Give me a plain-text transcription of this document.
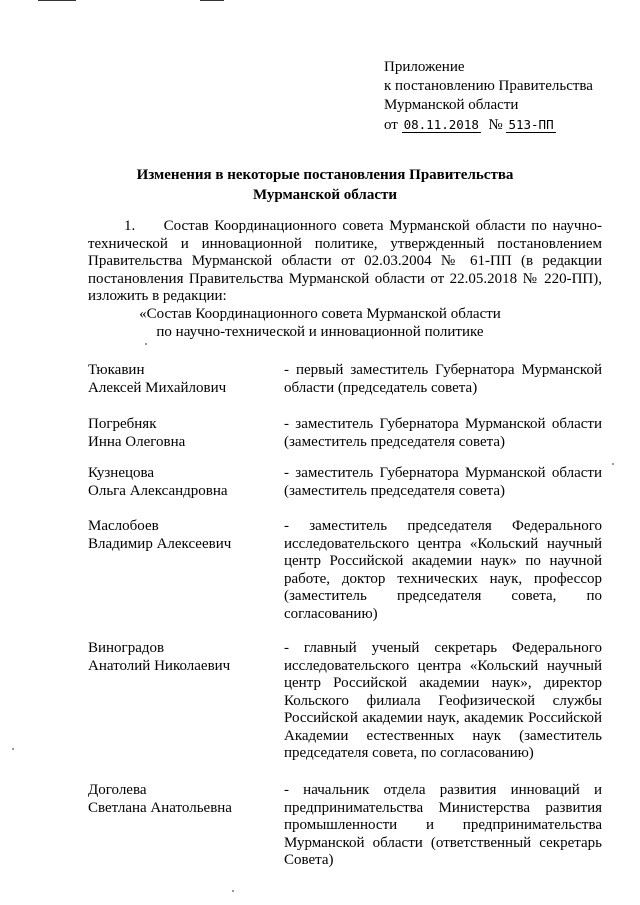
Приложение
к постановлению Правительства
Мурманской области
от 08.11.2018 № 513-ПП
Изменения в некоторые постановления Правительства
Мурманской области

1.     Состав Координационного совета Мурманской области по научно-технической и инновационной политике, утвержденный постановлением Правительства Мурманской области от 02.03.2004 № 61-ПП (в редакции постановления Правительства Мурманской области от 22.05.2018 № 220-ПП), изложить в редакции:

«Состав Координационного совета Мурманской области
по научно-технической и инновационной политике
Тюкавин
Алексей Михайлович
- первый заместитель Губернатора Мурманской области (председатель совета)
Погребняк
Инна Олеговна
- заместитель Губернатора Мурманской области (заместитель председателя совета)
Кузнецова
Ольга Александровна
- заместитель Губернатора Мурманской области (заместитель председателя совета)
Маслобоев
Владимир Алексеевич
- заместитель председателя Федерального исследовательского центра «Кольский научный центр Российской академии наук» по научной работе, доктор технических наук, профессор (заместитель председателя совета, по согласованию)
Виноградов
Анатолий Николаевич
- главный ученый секретарь Федерального исследовательского центра «Кольский научный центр Российской академии наук», директор Кольского филиала Геофизической службы Российской академии наук, академик Российской Академии естественных наук (заместитель председателя совета, по согласованию)
Доголева
Светлана Анатольевна
- начальник отдела развития инноваций и предпринимательства Министерства развития промышленности и предпринимательства Мурманской области (ответственный секретарь Совета)
